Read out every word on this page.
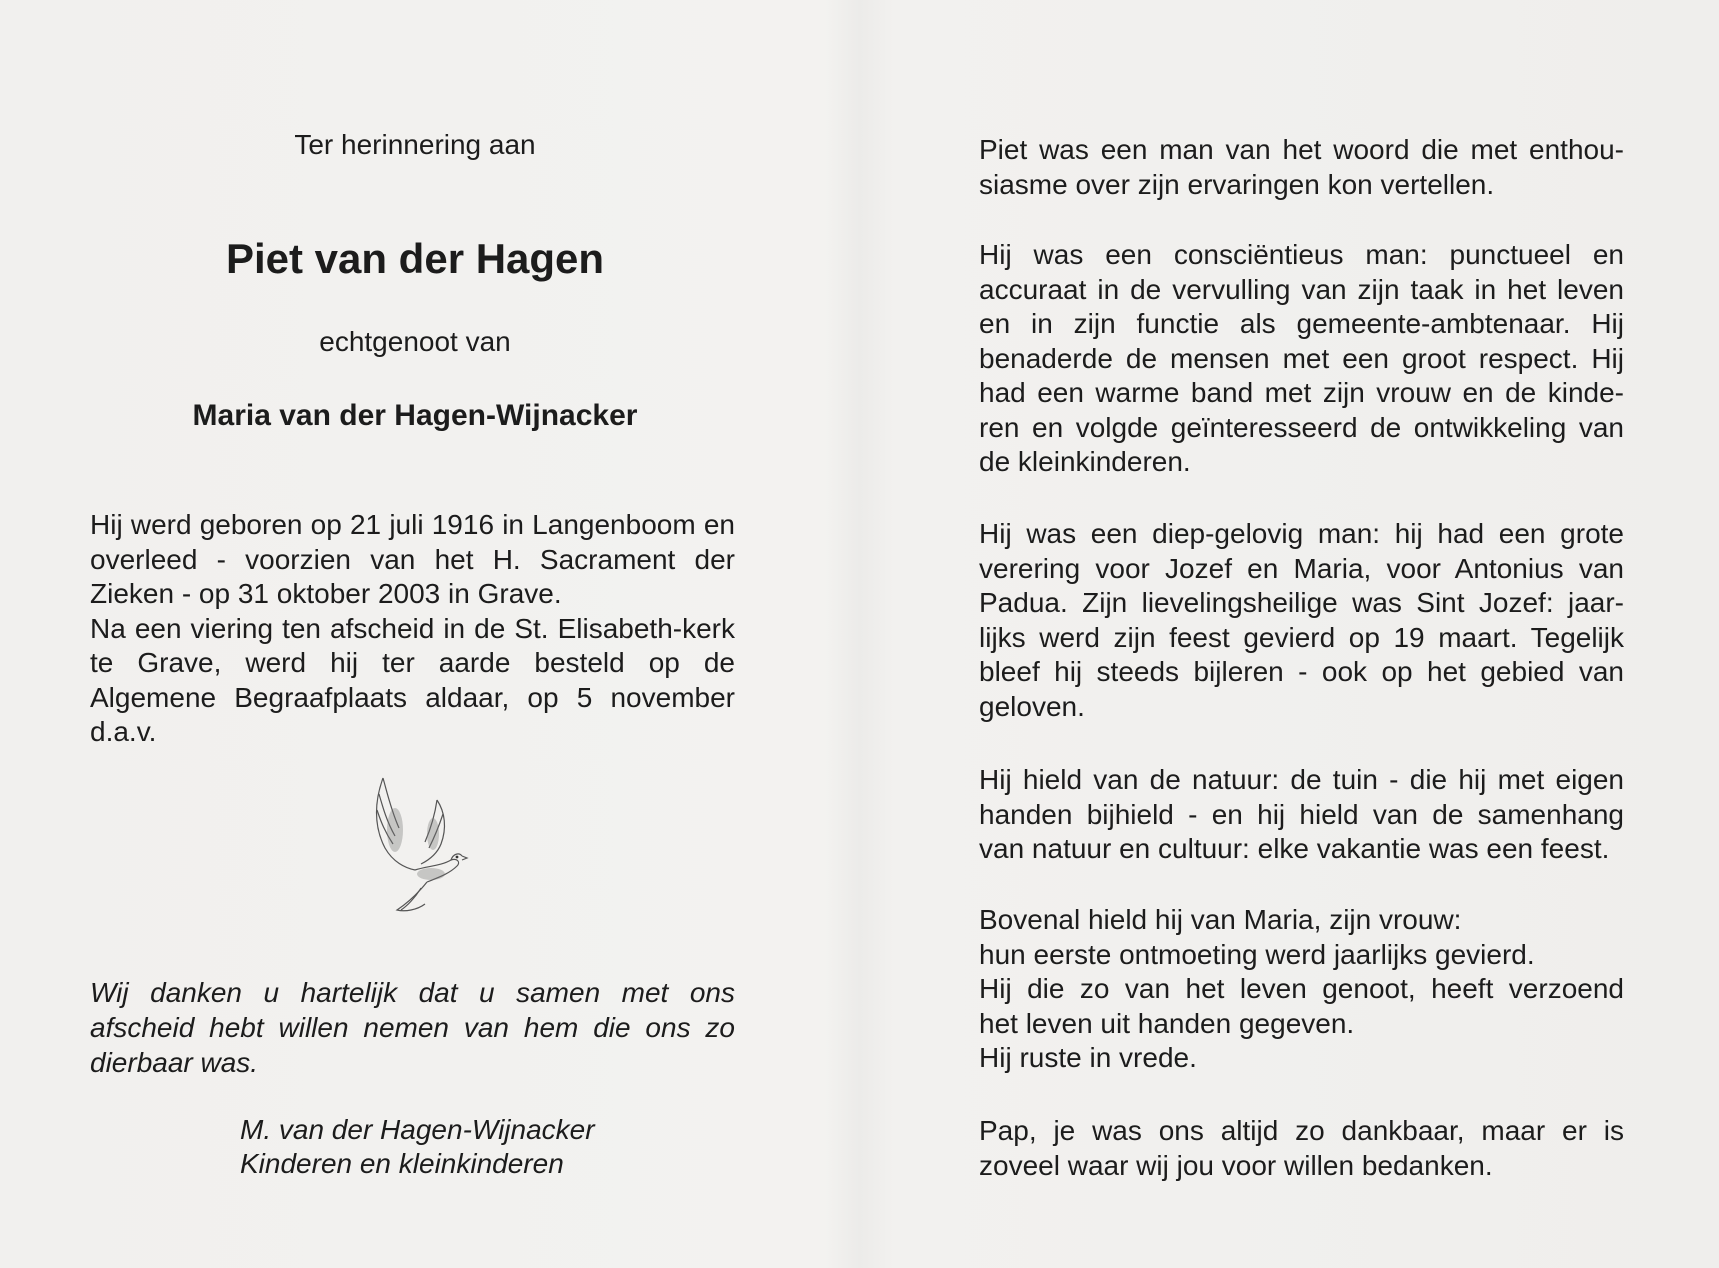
Ter herinnering aan
Piet van der Hagen
echtgenoot van
Maria van der Hagen-Wijnacker

Hij werd geboren op 21 juli 1916 in Langenboom en overleed - voorzien van het H. Sacrament der Zieken - op 31 oktober 2003 in Grave.

Na een viering ten afscheid in de St. Elisabeth-kerk te Grave, werd hij ter aarde besteld op de Algemene Begraafplaats aldaar, op 5 november d.a.v.

Wij danken u hartelijk dat u samen met ons afscheid hebt willen nemen van hem die ons zo dierbaar was.
M. van der Hagen-Wijnacker
Kinderen en kleinkinderen
Piet was een man van het woord die met enthou-siasme over zijn ervaringen kon vertellen.
Hij was een consciëntieus man: punctueel en accuraat in de vervulling van zijn taak in het leven en in zijn functie als gemeente-ambtenaar. Hij benaderde de mensen met een groot respect. Hij had een warme band met zijn vrouw en de kinde-ren en volgde geïnteresseerd de ontwikkeling van de kleinkinderen.
Hij was een diep-gelovig man: hij had een grote verering voor Jozef en Maria, voor Antonius van Padua. Zijn lievelingsheilige was Sint Jozef: jaar-lijks werd zijn feest gevierd op 19 maart. Tegelijk bleef hij steeds bijleren - ook op het gebied van geloven.
Hij hield van de natuur: de tuin - die hij met eigen handen bijhield - en hij hield van de samenhang van natuur en cultuur: elke vakantie was een feest.
Bovenal hield hij van Maria, zijn vrouw:
hun eerste ontmoeting werd jaarlijks gevierd.
Hij die zo van het leven genoot, heeft verzoend
het leven uit handen gegeven.
Hij ruste in vrede.
Pap, je was ons altijd zo dankbaar, maar er is zoveel waar wij jou voor willen bedanken.
